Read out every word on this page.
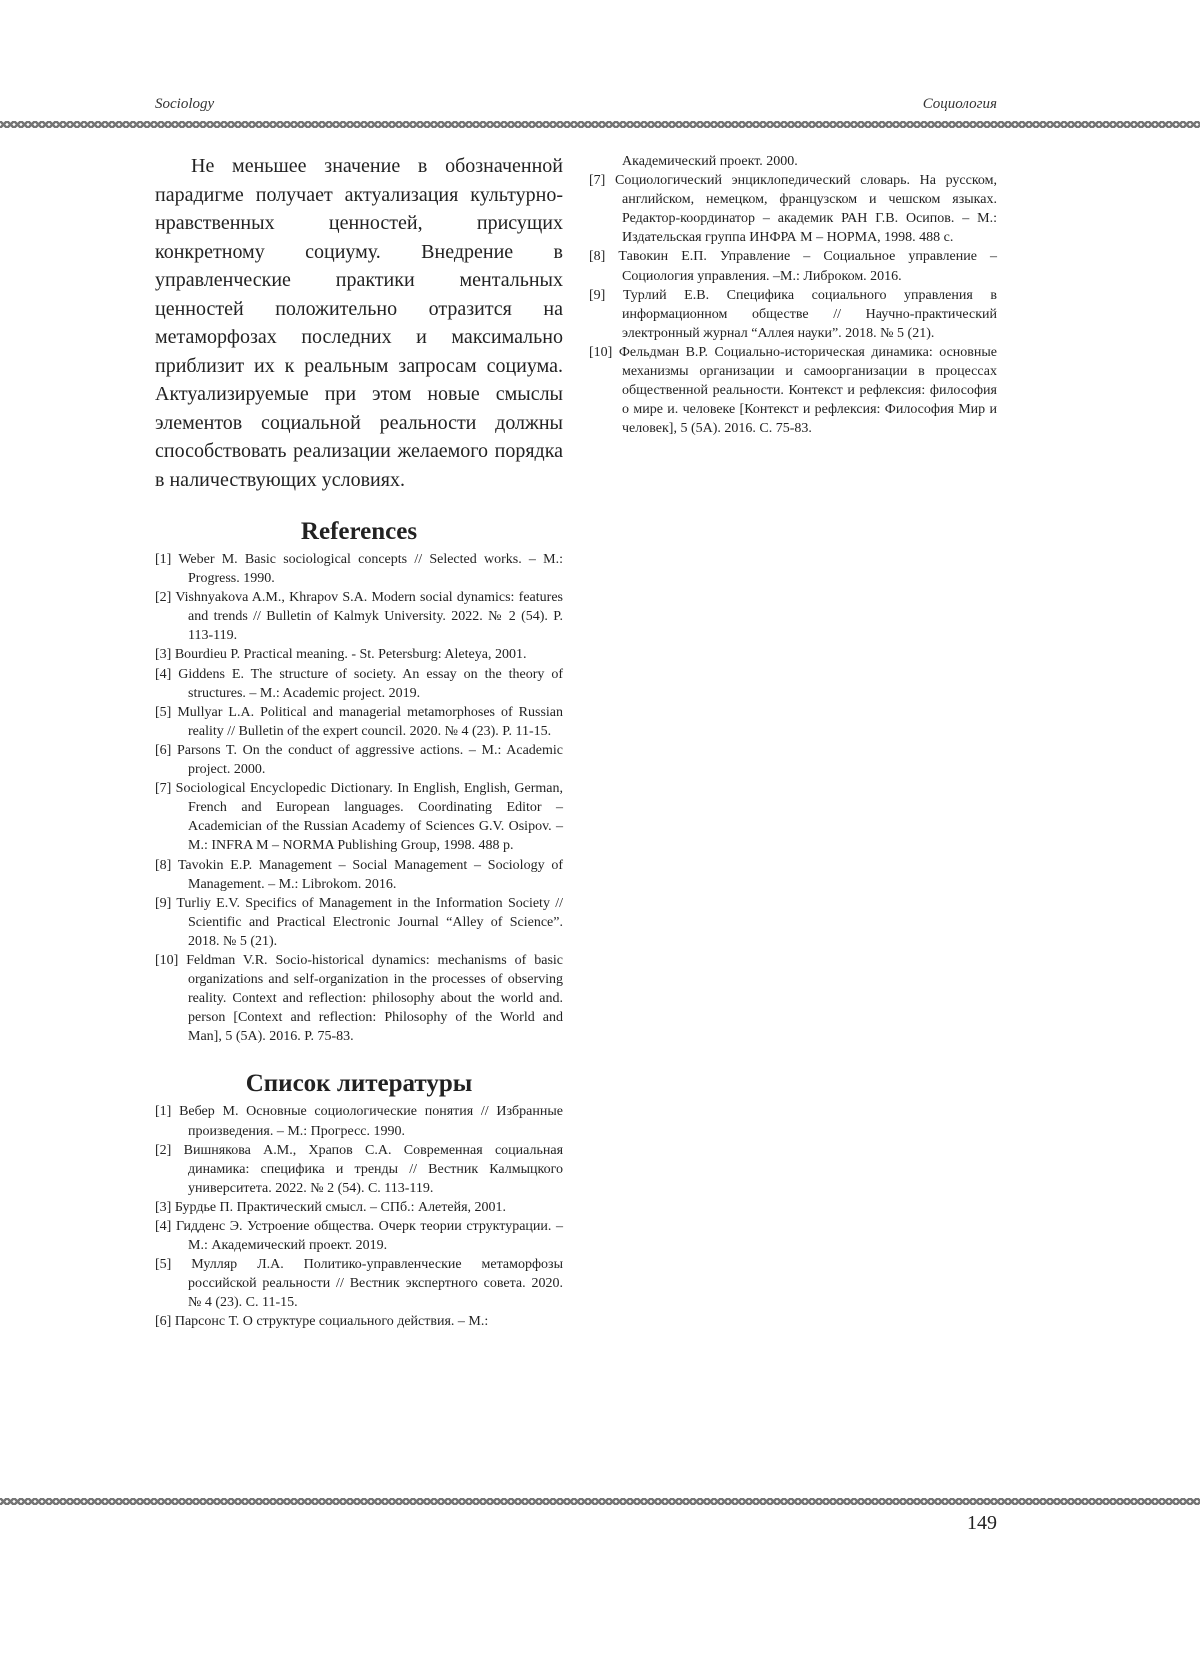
Sociology	Социология

Не меньшее значение в обозначенной парадигме получает актуализация культурно-нравственных ценностей, присущих конкретному социуму. Внедрение в управленческие практики ментальных ценностей положительно отразится на метаморфозах последних и максимально приблизит их к реальным запросам социума. Актуализируемые при этом новые смыслы элементов социальной реальности должны способствовать реализации желаемого порядка в наличествующих условиях.

References
[1] Weber M. Basic sociological concepts // Selected works. – M.: Progress. 1990.
[2] Vishnyakova A.M., Khrapov S.A. Modern social dynamics: features and trends // Bulletin of Kalmyk University. 2022. № 2 (54). P. 113-119.
[3] Bourdieu P. Practical meaning. - St. Petersburg: Aleteya, 2001.
[4] Giddens E. The structure of society. An essay on the theory of structures. – M.: Academic project. 2019.
[5] Mullyar L.A. Political and managerial metamorphoses of Russian reality // Bulletin of the expert council. 2020. № 4 (23). P. 11-15.
[6] Parsons T. On the conduct of aggressive actions. – M.: Academic project. 2000.
[7] Sociological Encyclopedic Dictionary. In English, English, German, French and European languages. Coordinating Editor – Academician of the Russian Academy of Sciences G.V. Osipov. – M.: INFRA M – NORMA Publishing Group, 1998. 488 p.
[8] Tavokin E.P. Management – Social Management – Sociology of Management. – M.: Librokom. 2016.
[9] Turliy E.V. Specifics of Management in the Information Society // Scientific and Practical Electronic Journal “Alley of Science”. 2018. № 5 (21).
[10] Feldman V.R. Socio-historical dynamics: mechanisms of basic organizations and self-organization in the processes of observing reality. Context and reflection: philosophy about the world and. person [Context and reflection: Philosophy of the World and Man], 5 (5A). 2016. P. 75-83.
Список литературы
[1] Вебер М. Основные социологические понятия // Избранные произведения. – М.: Прогресс. 1990.
[2] Вишнякова А.М., Храпов С.А. Современная социальная динамика: специфика и тренды // Вестник Калмыцкого университета. 2022. № 2 (54). С. 113-119.
[3] Бурдье П. Практический смысл. – СПб.: Алетейя, 2001.
[4] Гидденс Э. Устроение общества. Очерк теории структурации. – М.: Академический проект. 2019.
[5] Мулляр Л.А. Политико-управленческие метаморфозы российской реальности // Вестник экспертного совета. 2020. № 4 (23). С. 11-15.
[6] Парсонс Т. О структуре социального действия. – М.:
Академический проект. 2000.
[7] Социологический энциклопедический словарь. На русском, английском, немецком, французском и чешском языках. Редактор-координатор – академик РАН Г.В. Осипов. – М.: Издательская группа ИНФРА М – НОРМА, 1998. 488 с.
[8] Тавокин Е.П. Управление – Социальное управление – Социология управления. –М.: Либроком. 2016.
[9] Турлий Е.В. Специфика социального управления в информационном обществе // Научно-практический электронный журнал “Аллея науки”. 2018. № 5 (21).
[10] Фельдман В.Р. Социально-историческая динамика: основные механизмы организации и самоорганизации в процессах общественной реальности. Контекст и рефлексия: философия о мире и. человеке [Контекст и рефлексия: Философия Мир и человек], 5 (5А). 2016. С. 75-83.
149
